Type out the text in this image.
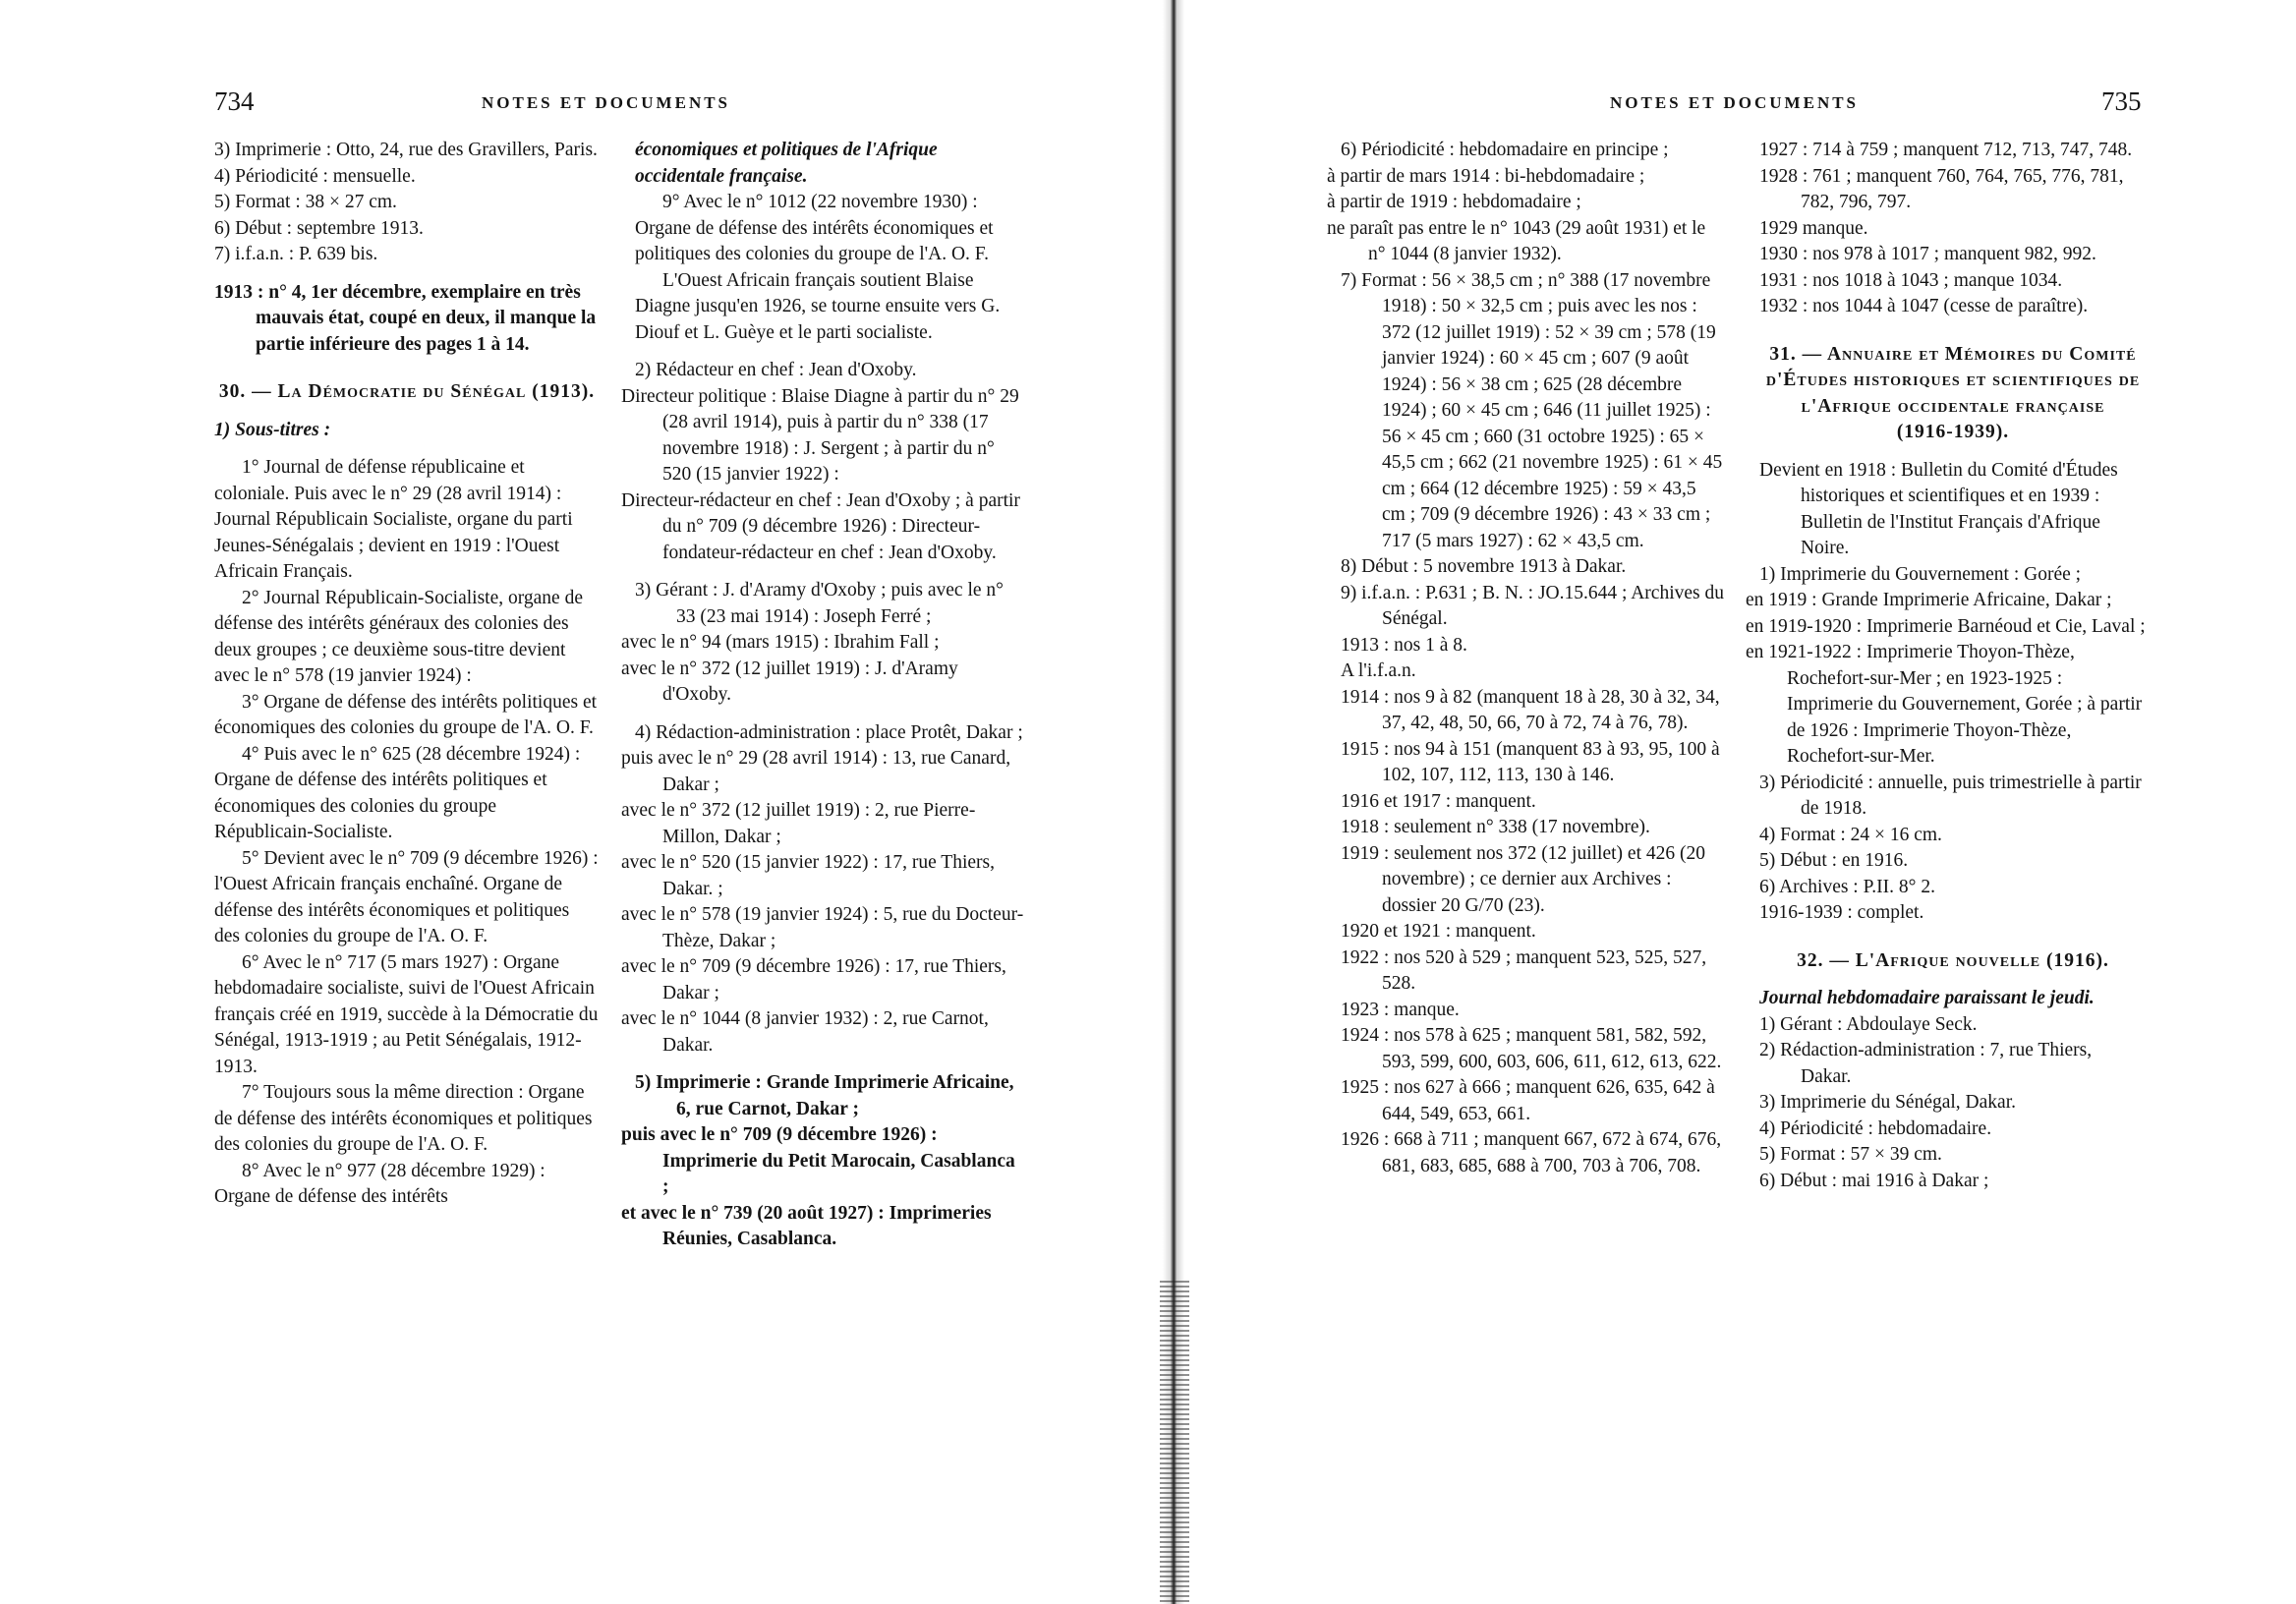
734	NOTES ET DOCUMENTS

3) Imprimerie : Otto, 24, rue des Gravillers, Paris.

4) Périodicité : mensuelle.

5) Format : 38 × 27 cm.

6) Début : septembre 1913.

7) i.f.a.n. : P. 639 bis.

1913 : n° 4, 1er décembre, exemplaire en très mauvais état, coupé en deux, il manque la partie inférieure des pages 1 à 14.

30. — La Démocratie du Sénégal (1913).

1) Sous-titres :

1° Journal de défense républicaine et coloniale. Puis avec le n° 29 (28 avril 1914) : Journal Républicain Socialiste, organe du parti Jeunes-Sénégalais ; devient en 1919 : l'Ouest Africain Français.

2° Journal Républicain-Socialiste, organe de défense des intérêts généraux des colonies des deux groupes ; ce deuxième sous-titre devient avec le n° 578 (19 janvier 1924) :

3° Organe de défense des intérêts politiques et économiques des colonies du groupe de l'A. O. F.

4° Puis avec le n° 625 (28 décembre 1924) : Organe de défense des intérêts politiques et économiques des colonies du groupe Républicain-Socialiste.

5° Devient avec le n° 709 (9 décembre 1926) : l'Ouest Africain français enchaîné. Organe de défense des intérêts économiques et politiques des colonies du groupe de l'A. O. F.

6° Avec le n° 717 (5 mars 1927) : Organe hebdomadaire socialiste, suivi de l'Ouest Africain français créé en 1919, succède à la Démocratie du Sénégal, 1913-1919 ; au Petit Sénégalais, 1912-1913.

7° Toujours sous la même direction : Organe de défense des intérêts économiques et politiques des colonies du groupe de l'A. O. F.

8° Avec le n° 977 (28 décembre 1929) : Organe de défense des intérêts

économiques et politiques de l'Afrique occidentale française.

9° Avec le n° 1012 (22 novembre 1930) : Organe de défense des intérêts économiques et politiques des colonies du groupe de l'A. O. F.

L'Ouest Africain français soutient Blaise Diagne jusqu'en 1926, se tourne ensuite vers G. Diouf et L. Guèye et le parti socialiste.

2) Rédacteur en chef : Jean d'Oxoby.

Directeur politique : Blaise Diagne à partir du n° 29 (28 avril 1914), puis à partir du n° 338 (17 novembre 1918) : J. Sergent ; à partir du n° 520 (15 janvier 1922) :

Directeur-rédacteur en chef : Jean d'Oxoby ; à partir du n° 709 (9 décembre 1926) : Directeur-fondateur-rédacteur en chef : Jean d'Oxoby.

3) Gérant : J. d'Aramy d'Oxoby ; puis avec le n° 33 (23 mai 1914) : Joseph Ferré ;

avec le n° 94 (mars 1915) : Ibrahim Fall ;

avec le n° 372 (12 juillet 1919) : J. d'Aramy d'Oxoby.

4) Rédaction-administration : place Protêt, Dakar ;

puis avec le n° 29 (28 avril 1914) : 13, rue Canard, Dakar ;

avec le n° 372 (12 juillet 1919) : 2, rue Pierre-Millon, Dakar ;

avec le n° 520 (15 janvier 1922) : 17, rue Thiers, Dakar. ;

avec le n° 578 (19 janvier 1924) : 5, rue du Docteur-Thèze, Dakar ;

avec le n° 709 (9 décembre 1926) : 17, rue Thiers, Dakar ;

avec le n° 1044 (8 janvier 1932) : 2, rue Carnot, Dakar.

5) Imprimerie : Grande Imprimerie Africaine, 6, rue Carnot, Dakar ;

puis avec le n° 709 (9 décembre 1926) : Imprimerie du Petit Marocain, Casablanca ;

et avec le n° 739 (20 août 1927) : Imprimeries Réunies, Casablanca.

NOTES ET DOCUMENTS	735

6) Périodicité : hebdomadaire en principe ;

à partir de mars 1914 : bi-hebdomadaire ;

à partir de 1919 : hebdomadaire ;

ne paraît pas entre le n° 1043 (29 août 1931) et le n° 1044 (8 janvier 1932).

7) Format : 56 × 38,5 cm ; n° 388 (17 novembre 1918) : 50 × 32,5 cm ; puis avec les nos : 372 (12 juillet 1919) : 52 × 39 cm ; 578 (19 janvier 1924) : 60 × 45 cm ; 607 (9 août 1924) : 56 × 38 cm ; 625 (28 décembre 1924) ; 60 × 45 cm ; 646 (11 juillet 1925) : 56 × 45 cm ; 660 (31 octobre 1925) : 65 × 45,5 cm ; 662 (21 novembre 1925) : 61 × 45 cm ; 664 (12 décembre 1925) : 59 × 43,5 cm ; 709 (9 décembre 1926) : 43 × 33 cm ; 717 (5 mars 1927) : 62 × 43,5 cm.

8) Début : 5 novembre 1913 à Dakar.

9) i.f.a.n. : P.631 ; B. N. : JO.15.644 ; Archives du Sénégal.

1913 : nos 1 à 8.

A l'i.f.a.n.

1914 : nos 9 à 82 (manquent 18 à 28, 30 à 32, 34, 37, 42, 48, 50, 66, 70 à 72, 74 à 76, 78).

1915 : nos 94 à 151 (manquent 83 à 93, 95, 100 à 102, 107, 112, 113, 130 à 146.

1916 et 1917 : manquent.

1918 : seulement n° 338 (17 novembre).

1919 : seulement nos 372 (12 juillet) et 426 (20 novembre) ; ce dernier aux Archives : dossier 20 G/70 (23).

1920 et 1921 : manquent.

1922 : nos 520 à 529 ; manquent 523, 525, 527, 528.

1923 : manque.

1924 : nos 578 à 625 ; manquent 581, 582, 592, 593, 599, 600, 603, 606, 611, 612, 613, 622.

1925 : nos 627 à 666 ; manquent 626, 635, 642 à 644, 549, 653, 661.

1926 : 668 à 711 ; manquent 667, 672 à 674, 676, 681, 683, 685, 688 à 700, 703 à 706, 708.

1927 : 714 à 759 ; manquent 712, 713, 747, 748.

1928 : 761 ; manquent 760, 764, 765, 776, 781, 782, 796, 797.

1929 manque.

1930 : nos 978 à 1017 ; manquent 982, 992.

1931 : nos 1018 à 1043 ; manque 1034.

1932 : nos 1044 à 1047 (cesse de paraître).

31. — Annuaire et Mémoires du Comité d'Études historiques et scientifiques de l'Afrique occidentale française

(1916-1939).

Devient en 1918 : Bulletin du Comité d'Études historiques et scientifiques et en 1939 : Bulletin de l'Institut Français d'Afrique Noire.

1) Imprimerie du Gouvernement : Gorée ;

en 1919 : Grande Imprimerie Africaine, Dakar ;

en 1919-1920 : Imprimerie Barnéoud et Cie, Laval ;

en 1921-1922 : Imprimerie Thoyon-Thèze, Rochefort-sur-Mer ; en 1923-1925 : Imprimerie du Gouvernement, Gorée ; à partir de 1926 : Imprimerie Thoyon-Thèze, Rochefort-sur-Mer.

3) Périodicité : annuelle, puis trimestrielle à partir de 1918.

4) Format : 24 × 16 cm.

5) Début : en 1916.

6) Archives : P.II. 8° 2.

1916-1939 : complet.

32. — L'Afrique nouvelle (1916).

Journal hebdomadaire paraissant le jeudi.

1) Gérant : Abdoulaye Seck.

2) Rédaction-administration : 7, rue Thiers, Dakar.

3) Imprimerie du Sénégal, Dakar.

4) Périodicité : hebdomadaire.

5) Format : 57 × 39 cm.

6) Début : mai 1916 à Dakar ;
